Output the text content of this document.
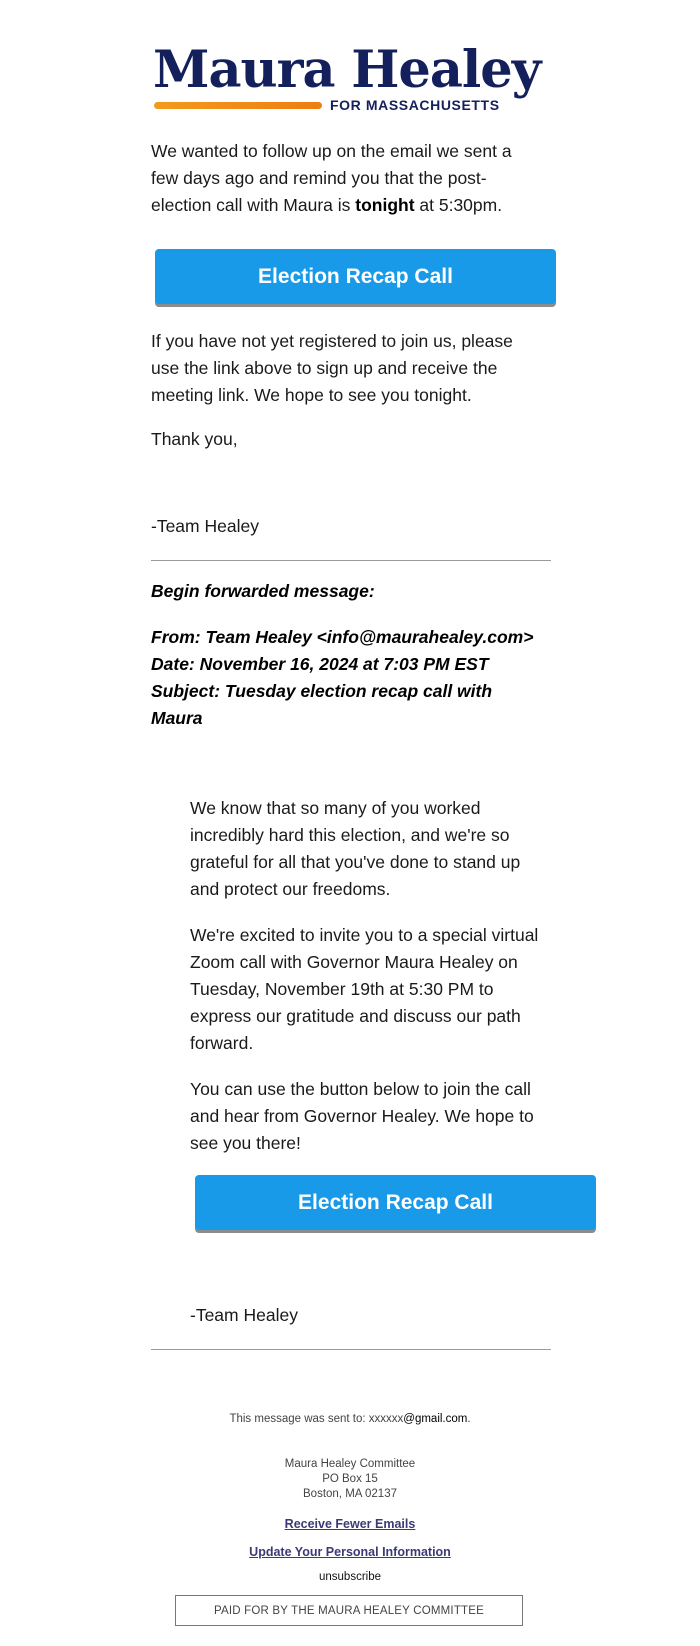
Maura Healey
FOR MASSACHUSETTS

We wanted to follow up on the email we sent a few days ago and remind you that the post-election call with Maura is tonight at 5:30pm.

Election Recap Call

If you have not yet registered to join us, please use the link above to sign up and receive the meeting link. We hope to see you tonight.

Thank you,

-Team Healey

Begin forwarded message:

From: Team Healey <info@maurahealey.com>

Date: November 16, 2024 at 7:03 PM EST

Subject: Tuesday election recap call with Maura

We know that so many of you worked incredibly hard this election, and we're so grateful for all that you've done to stand up and protect our freedoms.

We're excited to invite you to a special virtual Zoom call with Governor Maura Healey on Tuesday, November 19th at 5:30 PM to express our gratitude and discuss our path forward.

You can use the button below to join the call and hear from Governor Healey. We hope to see you there!

Election Recap Call

-Team Healey

This message was sent to: xxxxxx@gmail.com.

Maura Healey Committee

PO Box 15

Boston, MA 02137

Receive Fewer Emails

Update Your Personal Information

unsubscribe

PAID FOR BY THE MAURA HEALEY COMMITTEE
